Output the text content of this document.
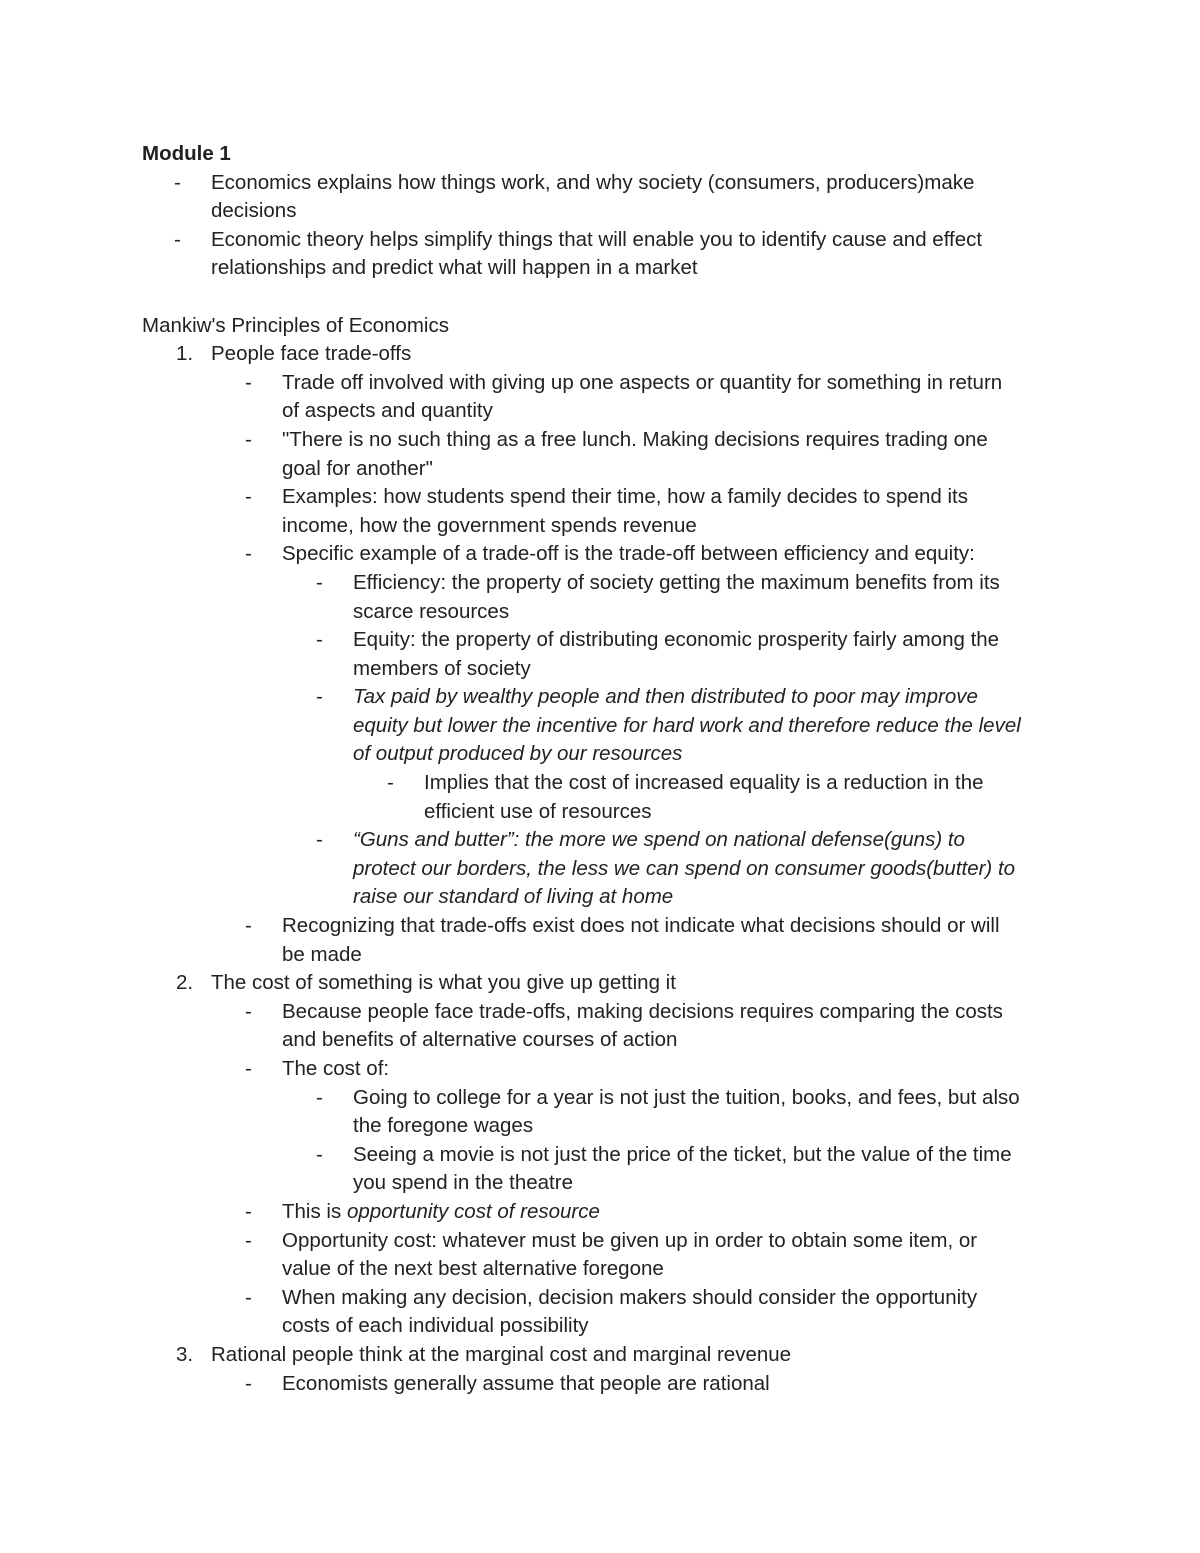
Module 1
- Economics explains how things work, and why society (consumers, producers)make
decisions
- Economic theory helps simplify things that will enable you to identify cause and effect
relationships and predict what will happen in a market
Mankiw's Principles of Economics
1. People face trade-offs
- Trade off involved with giving up one aspects or quantity for something in return
of aspects and quantity
- "There is no such thing as a free lunch. Making decisions requires trading one
goal for another"
- Examples: how students spend their time, how a family decides to spend its
income, how the government spends revenue
- Specific example of a trade-off is the trade-off between efficiency and equity:
- Efficiency: the property of society getting the maximum benefits from its
scarce resources
- Equity: the property of distributing economic prosperity fairly among the
members of society
- Tax paid by wealthy people and then distributed to poor may improve
equity but lower the incentive for hard work and therefore reduce the level
of output produced by our resources
- Implies that the cost of increased equality is a reduction in the
efficient use of resources
- “Guns and butter”: the more we spend on national defense(guns) to
protect our borders, the less we can spend on consumer goods(butter) to
raise our standard of living at home
- Recognizing that trade-offs exist does not indicate what decisions should or will
be made
2. The cost of something is what you give up getting it
- Because people face trade-offs, making decisions requires comparing the costs
and benefits of alternative courses of action
- The cost of:
- Going to college for a year is not just the tuition, books, and fees, but also
the foregone wages
- Seeing a movie is not just the price of the ticket, but the value of the time
you spend in the theatre
- This is opportunity cost of resource
- Opportunity cost: whatever must be given up in order to obtain some item, or
value of the next best alternative foregone
- When making any decision, decision makers should consider the opportunity
costs of each individual possibility
3. Rational people think at the marginal cost and marginal revenue
- Economists generally assume that people are rational
